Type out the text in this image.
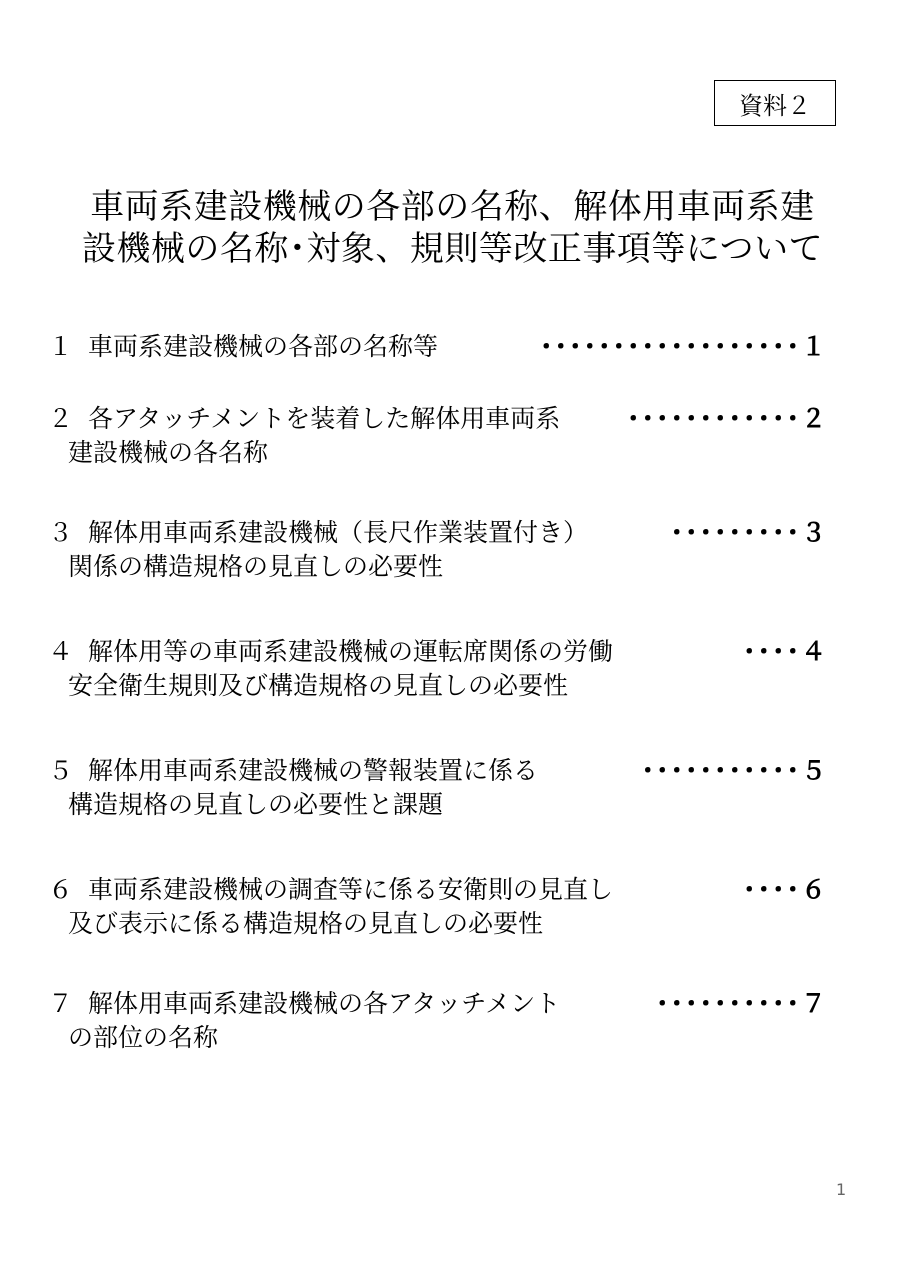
資料２
車両系建設機械の各部の名称、解体用車両系建
設機械の名称･対象、規則等改正事項等について
１ 車両系建設機械の各部の名称等	･･････････････････１
２ 各アタッチメントを装着した解体用車両系	････････････２
建設機械の各名称
３ 解体用車両系建設機械（長尺作業装置付き）	･････････３
関係の構造規格の見直しの必要性
４ 解体用等の車両系建設機械の運転席関係の労働	････４
安全衛生規則及び構造規格の見直しの必要性
５ 解体用車両系建設機械の警報装置に係る	･･･････････５
構造規格の見直しの必要性と課題
６ 車両系建設機械の調査等に係る安衛則の見直し	････６
及び表示に係る構造規格の見直しの必要性
７ 解体用車両系建設機械の各アタッチメント	･･････････７
の部位の名称
1
